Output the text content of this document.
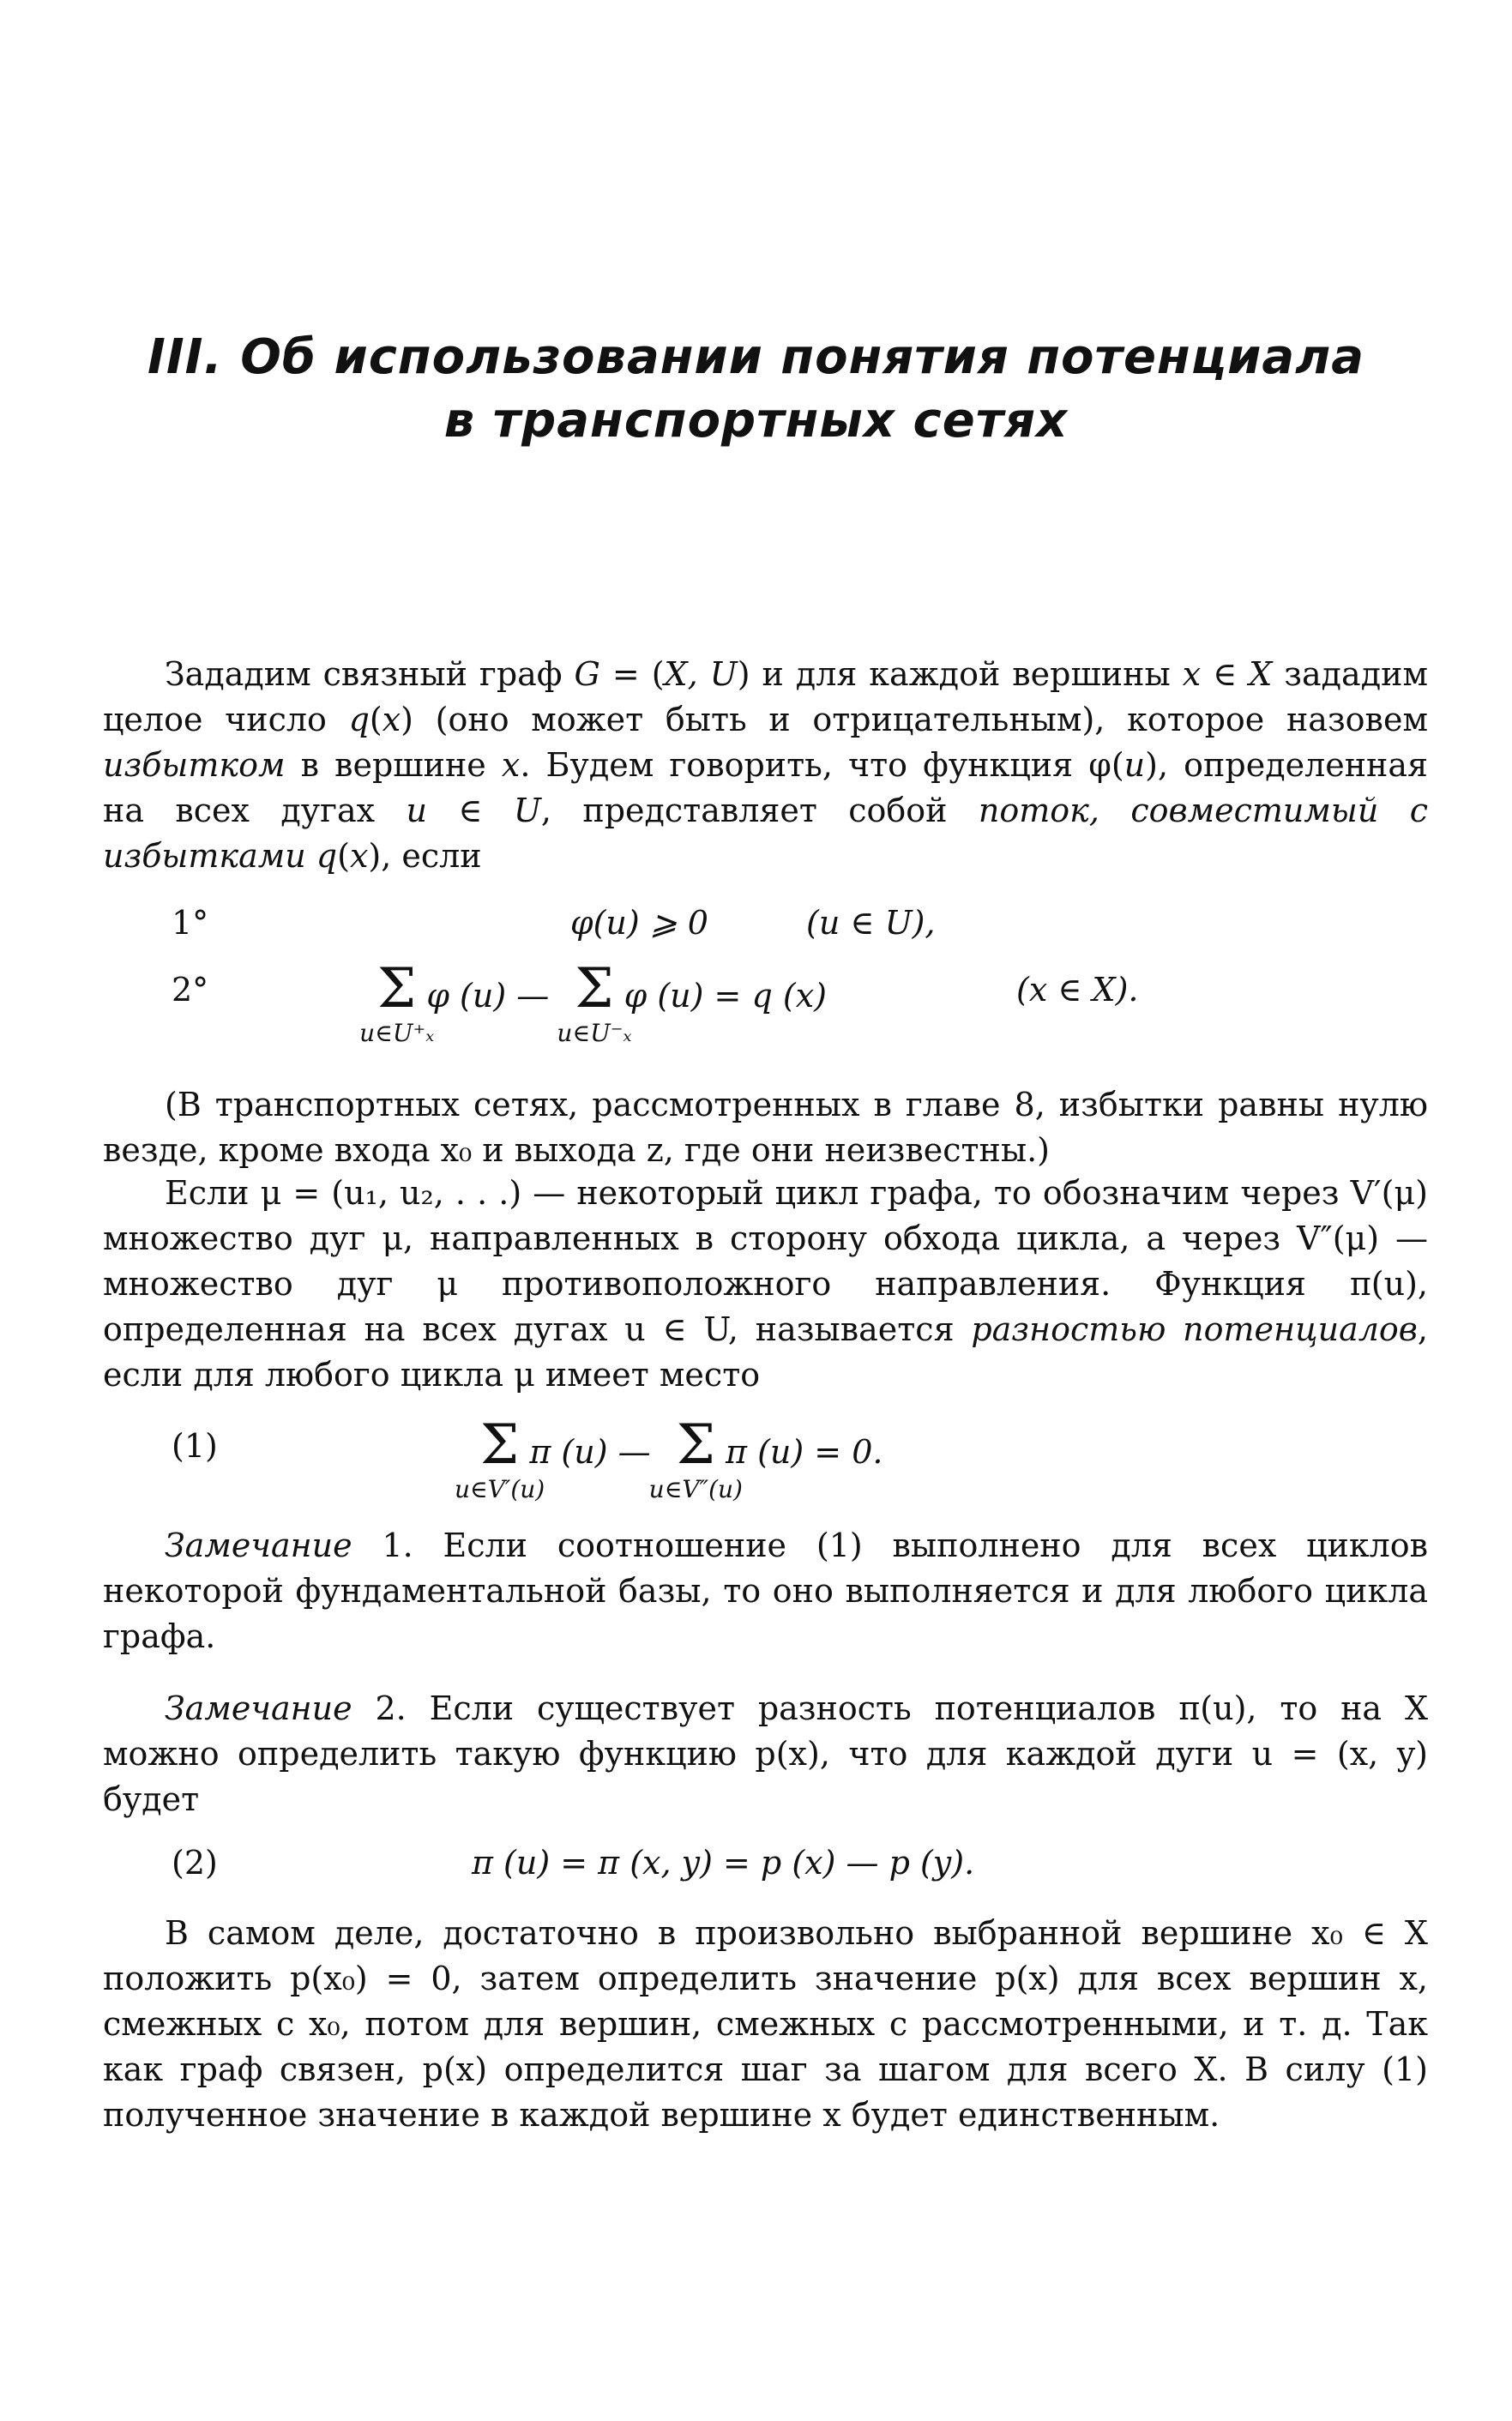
III. Об использовании понятия потенциала
в транспортных сетях
Зададим связный граф G = (X, U) и для каждой вершины x ∈ X зададим целое число q(x) (оно может быть и отрицательным), которое назовем избытком в вершине x. Будем говорить, что функция φ(u), определенная на всех дугах u ∈ U, представляет собой поток, совместимый с избытками q(x), если
1°	φ(u) ⩾ 0	(u ∈ U),
2°	Σ
u∈U⁺ₓ
φ (u) — Σ
u∈U⁻ₓ
φ (u) = q (x)	(x ∈ X).
(В транспортных сетях, рассмотренных в главе 8, избытки равны нулю везде, кроме входа x₀ и выхода z, где они неизвестны.)
Если μ = (u₁, u₂, . . .) — некоторый цикл графа, то обозначим через V′(μ) множество дуг μ, направленных в сторону обхода цикла, а через V″(μ) — множество дуг μ противоположного направления. Функция π(u), определенная на всех дугах u ∈ U, называется разностью потенциалов, если для любого цикла μ имеет место
(1)	Σ
u∈V′(u)
π (u) — Σ
u∈V″(u)
π (u) = 0.
Замечание 1. Если соотношение (1) выполнено для всех циклов некоторой фундаментальной базы, то оно выполняется и для любого цикла графа.
Замечание 2. Если существует разность потенциалов π(u), то на X можно определить такую функцию p(x), что для каждой дуги u = (x, y) будет
(2)	π (u) = π (x, y) = p (x) — p (y).
В самом деле, достаточно в произвольно выбранной вершине x₀ ∈ X положить p(x₀) = 0, затем определить значение p(x) для всех вершин x, смежных с x₀, потом для вершин, смежных с рассмотренными, и т. д. Так как граф связен, p(x) определится шаг за шагом для всего X. В силу (1) полученное значение в каждой вершине x будет единственным.
